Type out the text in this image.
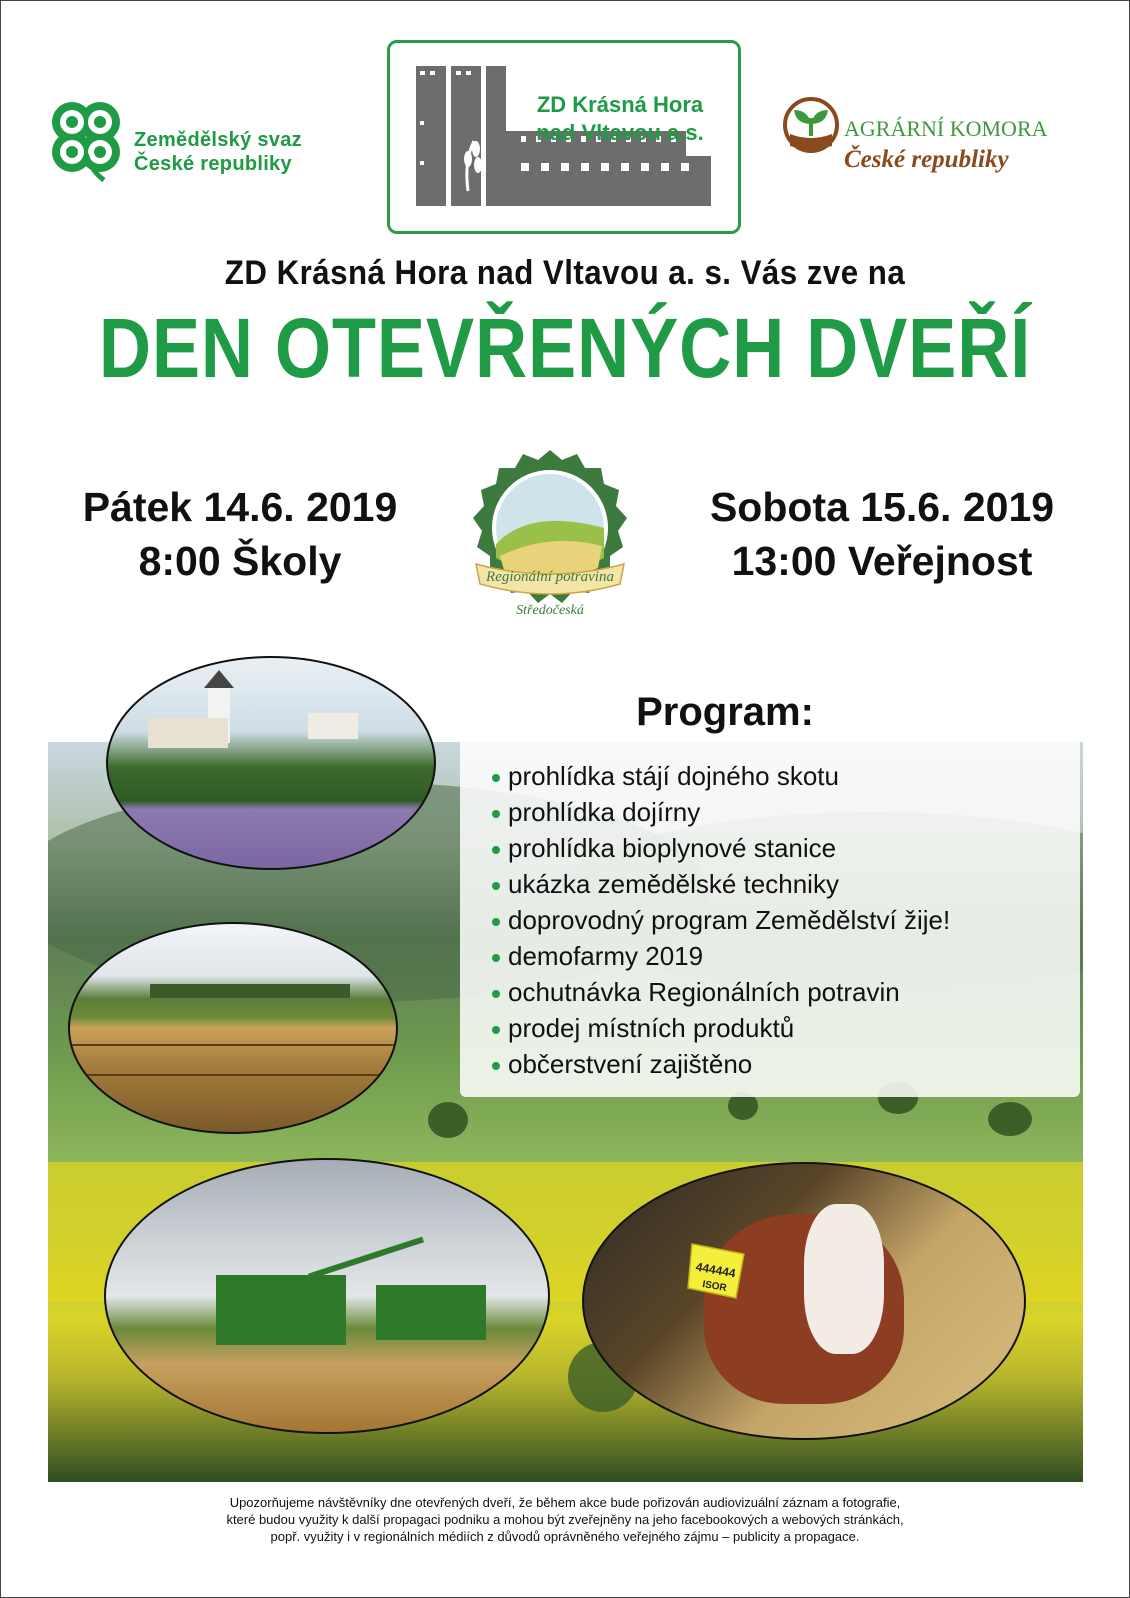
Zemědělský svaz
České republiky
ZD Krásná Hora
nad Vltavou a.s.	AGRÁRNÍ KOMORA
České republiky
ZD Krásná Hora nad Vltavou a. s. Vás zve na
DEN OTEVŘENÝCH DVEŘÍ
Pátek 14.6. 2019
8:00 Školy
Sobota 15.6. 2019
13:00 Veřejnost
Regionální potravina
Středočeská
Program:
prohlídka stájí dojného skotu
prohlídka dojírny
prohlídka bioplynové stanice
ukázka zemědělské techniky
doprovodný program Zemědělství žije!
demofarmy 2019
ochutnávka Regionálních potravin
prodej místních produktů
občerstvení zajištěno
444444
ISOR
Upozorňujeme návštěvníky dne otevřených dveří, že během akce bude pořizován audiovizuální záznam a fotografie,
které budou využity k další propagaci podniku a mohou být zveřejněny na jeho facebookových a webových stránkách,
popř. využity i v regionálních médiích z důvodů oprávněného veřejného zájmu – publicity a propagace.
